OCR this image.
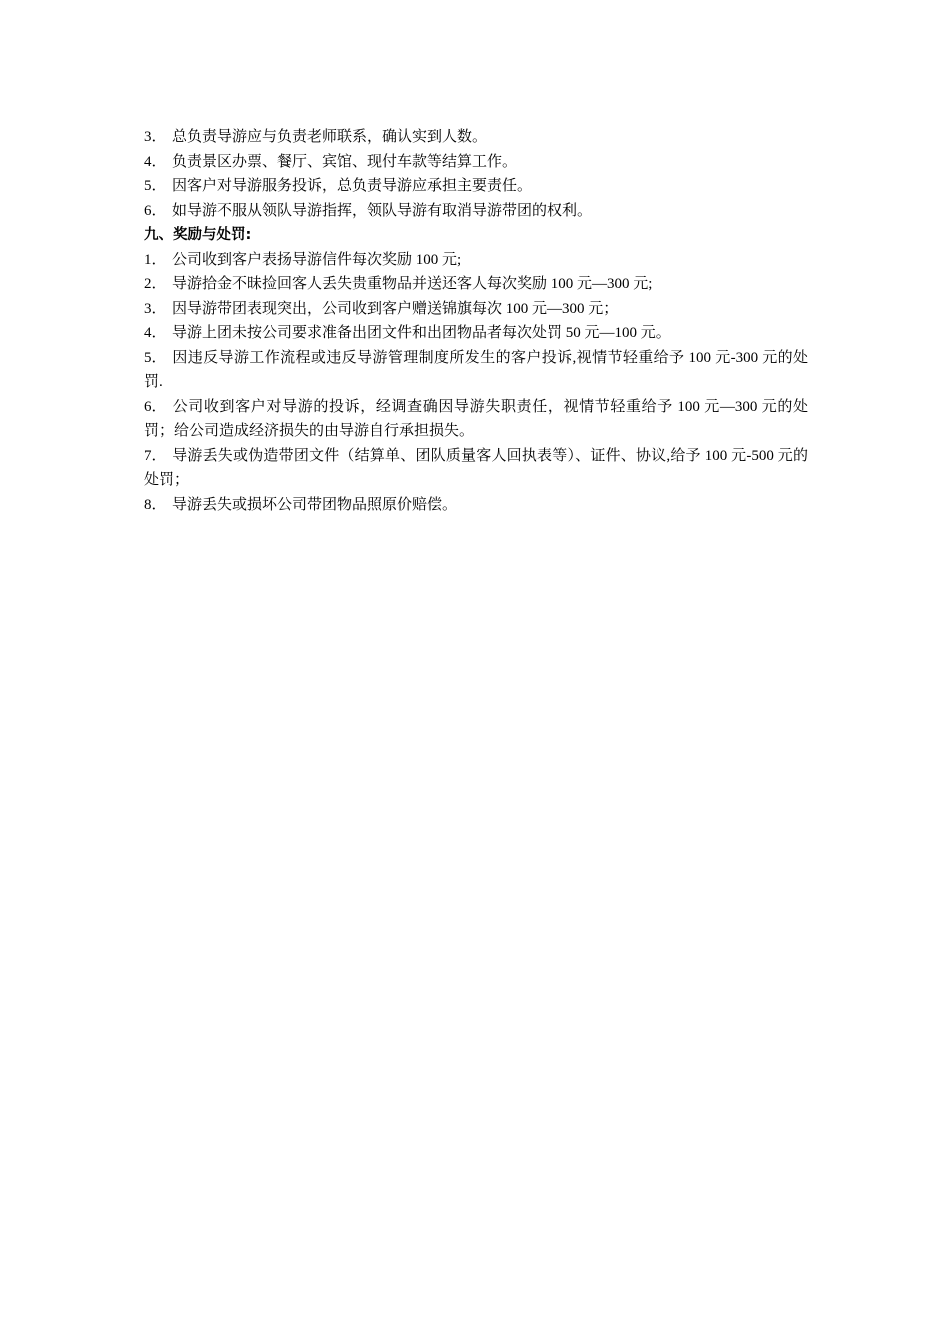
3． 总负责导游应与负责老师联系，确认实到人数。

4． 负责景区办票、餐厅、宾馆、现付车款等结算工作。

5． 因客户对导游服务投诉，总负责导游应承担主要责任。

6． 如导游不服从领队导游指挥，领队导游有取消导游带团的权利。

九、奖励与处罚:

1． 公司收到客户表扬导游信件每次奖励 100 元;

2． 导游拾金不昧捡回客人丢失贵重物品并送还客人每次奖励 100 元—300 元;

3． 因导游带团表现突出，公司收到客户赠送锦旗每次 100 元—300 元；

4． 导游上团未按公司要求准备出团文件和出团物品者每次处罚 50 元—100 元。

5． 因违反导游工作流程或违反导游管理制度所发生的客户投诉,视情节轻重给予 100 元-300 元的处罚.

6． 公司收到客户对导游的投诉，经调查确因导游失职责任，视情节轻重给予 100 元—300 元的处罚；给公司造成经济损失的由导游自行承担损失。

7． 导游丢失或伪造带团文件（结算单、团队质量客人回执表等）、证件、协议,给予 100 元-500 元的处罚；

8． 导游丢失或损坏公司带团物品照原价赔偿。
